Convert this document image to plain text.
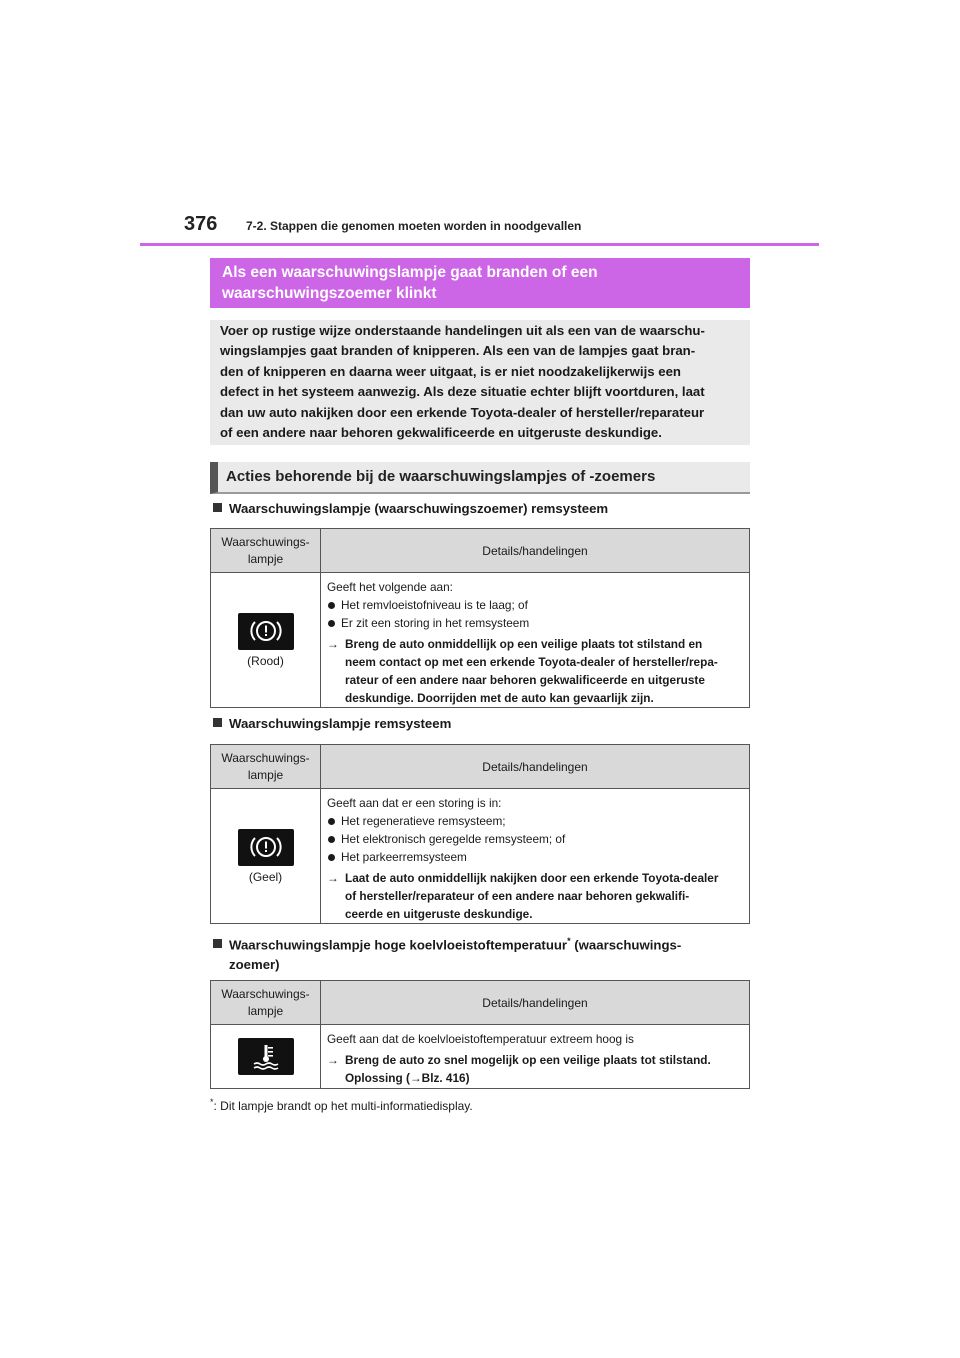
376 7-2. Stappen die genomen moeten worden in noodgevallen
Als een waarschuwingslampje gaat branden of een
waarschuwingszoemer klinkt
Voer op rustige wijze onderstaande handelingen uit als een van de waarschu-
wingslampjes gaat branden of knipperen. Als een van de lampjes gaat bran-
den of knipperen en daarna weer uitgaat, is er niet noodzakelijkerwijs een
defect in het systeem aanwezig. Als deze situatie echter blijft voortduren, laat
dan uw auto nakijken door een erkende Toyota-dealer of hersteller/reparateur
of een andere naar behoren gekwalificeerde en uitgeruste deskundige.
Acties behorende bij de waarschuwingslampjes of -zoemers
Waarschuwingslampje (waarschuwingszoemer) remsysteem
Waarschuwings-
lampje
Details/handelingen
(Rood)
Geeft het volgende aan:
Het remvloeistofniveau is te laag; of
Er zit een storing in het remsysteem
→ Breng de auto onmiddellijk op een veilige plaats tot stilstand en
neem contact op met een erkende Toyota-dealer of hersteller/repa-
rateur of een andere naar behoren gekwalificeerde en uitgeruste
deskundige. Doorrijden met de auto kan gevaarlijk zijn.
Waarschuwingslampje remsysteem
Waarschuwings-
lampje
Details/handelingen
(Geel)
Geeft aan dat er een storing is in:
Het regeneratieve remsysteem;
Het elektronisch geregelde remsysteem; of
Het parkeerremsysteem
→ Laat de auto onmiddellijk nakijken door een erkende Toyota-dealer
of hersteller/reparateur of een andere naar behoren gekwalifi-
ceerde en uitgeruste deskundige.
Waarschuwingslampje hoge koelvloeistoftemperatuur* (waarschuwings-
zoemer)
Waarschuwings-
lampje
Details/handelingen
Geeft aan dat de koelvloeistoftemperatuur extreem hoog is
→ Breng de auto zo snel mogelijk op een veilige plaats tot stilstand.
Oplossing (→Blz. 416)
*: Dit lampje brandt op het multi-informatiedisplay.
